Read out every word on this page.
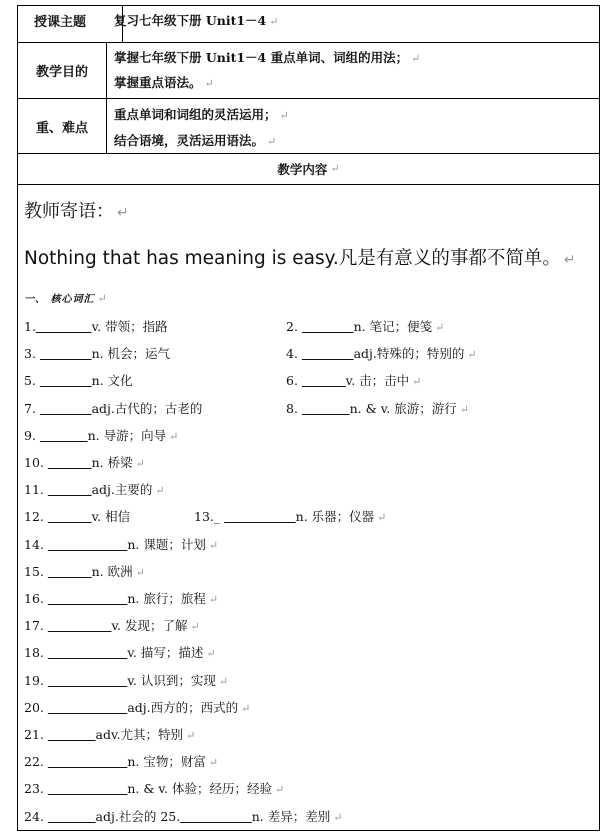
授课主题	复习七年级下册 Unit1－4 ↵
教学目的
掌握七年级下册 Unit1－4 重点单词、词组的用法； ↵
掌握重点语法。 ↵
重、难点
重点单词和词组的灵活运用； ↵
结合语境，灵活运用语法。 ↵
教学内容 ↵
教师寄语： ↵
Nothing that has meaning is easy.凡是有意义的事都不简单。 ↵
一、 核心词汇 ↵
1.	v. 带领；指路	2.	n. 笔记；便笺 ↵
3.	n. 机会；运气	4.	adj.特殊的；特别的 ↵
5.	n. 文化	6.	v. 击；击中 ↵
7.	adj.古代的；古老的	8.	n. & v. 旅游；游行 ↵
9.	n. 导游；向导 ↵
10.	n. 桥梁 ↵
11.	adj.主要的 ↵
12.	v. 相信	13._	n. 乐器；仪器 ↵
14.	n. 课题；计划 ↵
15.	n. 欧洲 ↵
16.	n. 旅行；旅程 ↵
17.	v. 发现；了解 ↵
18.	v. 描写；描述 ↵
19.	v. 认识到；实现 ↵
20.	adj.西方的；西式的 ↵
21.	adv.尤其；特别 ↵
22.	n. 宝物；财富 ↵
23.	n. & v. 体验；经历；经验 ↵
24.	adj.社会的 25.	n. 差异；差别 ↵
